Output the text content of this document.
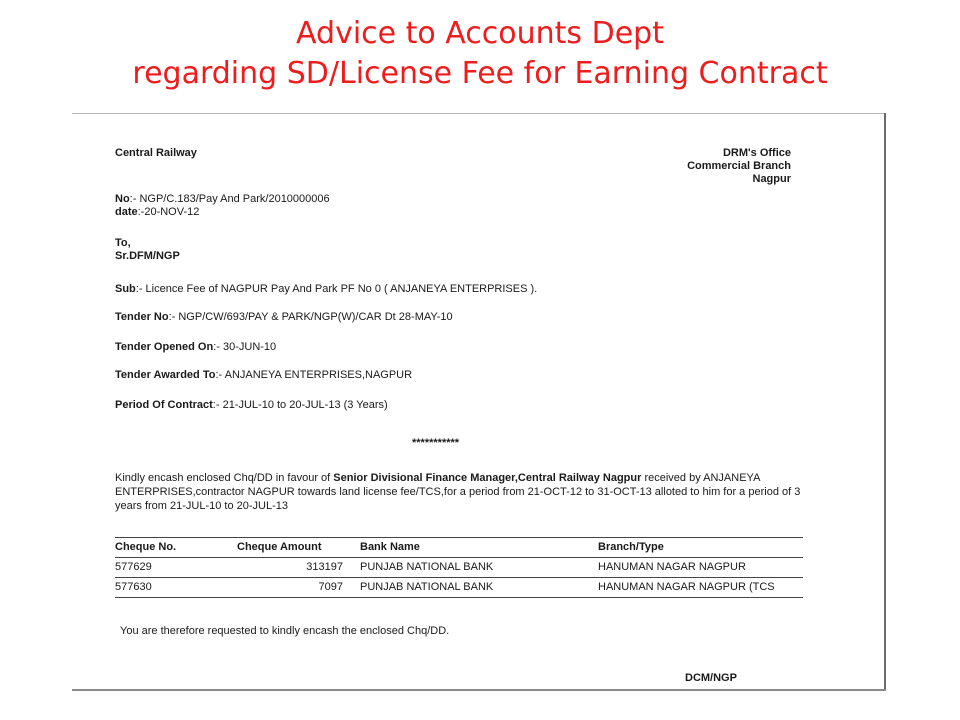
Advice to Accounts Dept
regarding SD/License Fee for Earning Contract
Central Railway	DRM's Office
Commercial Branch
Nagpur
No:- NGP/C.183/Pay And Park/2010000006
date:-20-NOV-12
To,
Sr.DFM/NGP
Sub:- Licence Fee of NAGPUR Pay And Park PF No 0 ( ANJANEYA ENTERPRISES ).
Tender No:- NGP/CW/693/PAY & PARK/NGP(W)/CAR Dt 28-MAY-10
Tender Opened On:- 30-JUN-10
Tender Awarded To:- ANJANEYA ENTERPRISES,NAGPUR
Period Of Contract:- 21-JUL-10 to 20-JUL-13 (3 Years)
***********
Kindly encash enclosed Chq/DD in favour of Senior Divisional Finance Manager,Central Railway Nagpur received by ANJANEYA ENTERPRISES,contractor NAGPUR towards land license fee/TCS,for a period from 21-OCT-12 to 31-OCT-13 alloted to him for a period of 3 years from 21-JUL-10 to 20-JUL-13
Cheque No.	Cheque Amount	Bank Name	Branch/Type
577629	313197 PUNJAB NATIONAL BANK	HANUMAN NAGAR NAGPUR
577630	7097 PUNJAB NATIONAL BANK	HANUMAN NAGAR NAGPUR (TCS
You are therefore requested to kindly encash the enclosed Chq/DD.
DCM/NGP
